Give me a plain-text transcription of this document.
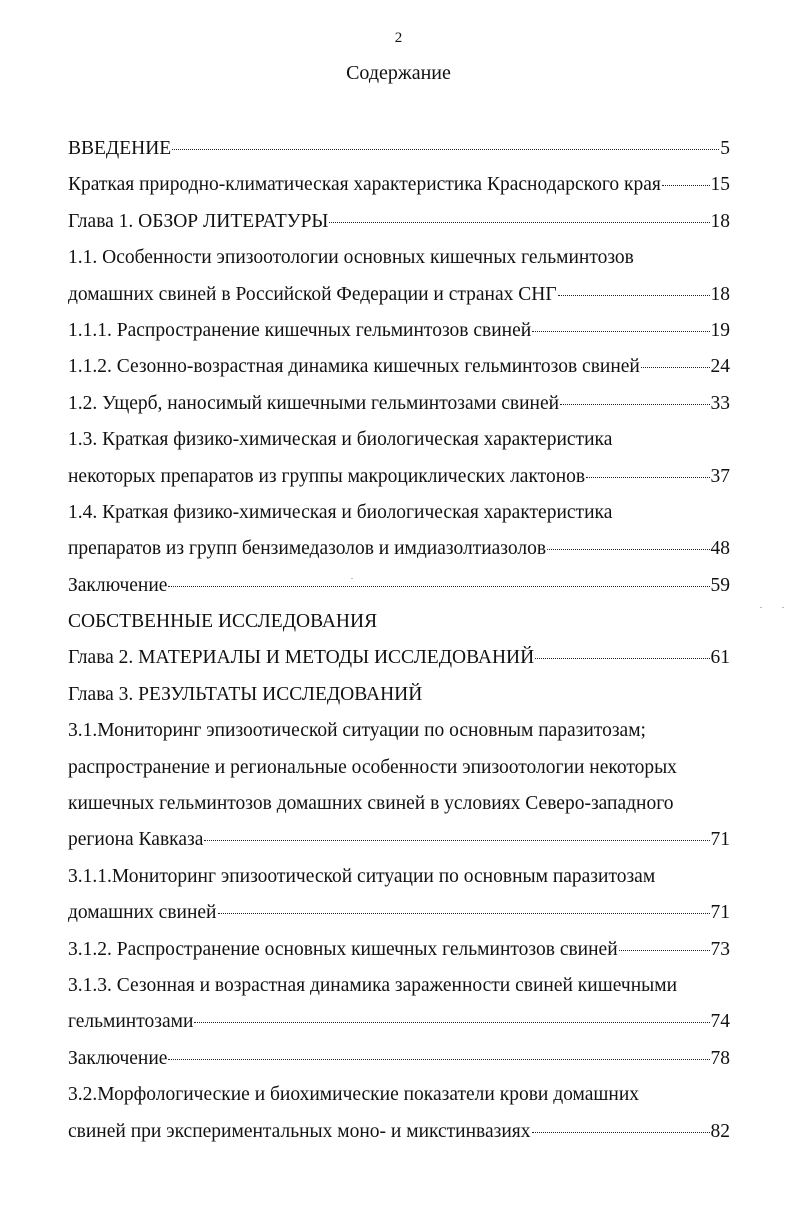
2
Содержание
ВВЕДЕНИЕ	5
Краткая природно-климатическая характеристика Краснодарского края	15
Глава 1. ОБЗОР ЛИТЕРАТУРЫ	18
1.1. Особенности эпизоотологии основных кишечных гельминтозов
домашних свиней в Российской Федерации и странах СНГ	18
1.1.1. Распространение кишечных гельминтозов свиней	19
1.1.2. Сезонно-возрастная динамика кишечных гельминтозов свиней	24
1.2. Ущерб, наносимый кишечными гельминтозами свиней	33
1.3. Краткая физико-химическая и биологическая характеристика
некоторых препаратов из группы макроциклических лактонов	37
1.4. Краткая физико-химическая и биологическая характеристика
препаратов из групп бензимедазолов и имдиазолтиазолов	48
Заключение	59
СОБСТВЕННЫЕ ИССЛЕДОВАНИЯ
Глава 2. МАТЕРИАЛЫ И МЕТОДЫ ИССЛЕДОВАНИЙ	61
Глава 3. РЕЗУЛЬТАТЫ ИССЛЕДОВАНИЙ
3.1.Мониторинг эпизоотической ситуации по основным паразитозам;
распространение и региональные особенности эпизоотологии некоторых
кишечных гельминтозов домашних свиней в условиях Северо-западного
региона Кавказа	71
3.1.1.Мониторинг эпизоотической ситуации по основным паразитозам
домашних свиней	71
3.1.2. Распространение основных кишечных гельминтозов свиней	73
3.1.3. Сезонная и возрастная динамика зараженности свиней кишечными
гельминтозами	74
Заключение	78
3.2.Морфологические и биохимические показатели крови домашних
свиней при экспериментальных моно- и микстинвазиях	82
